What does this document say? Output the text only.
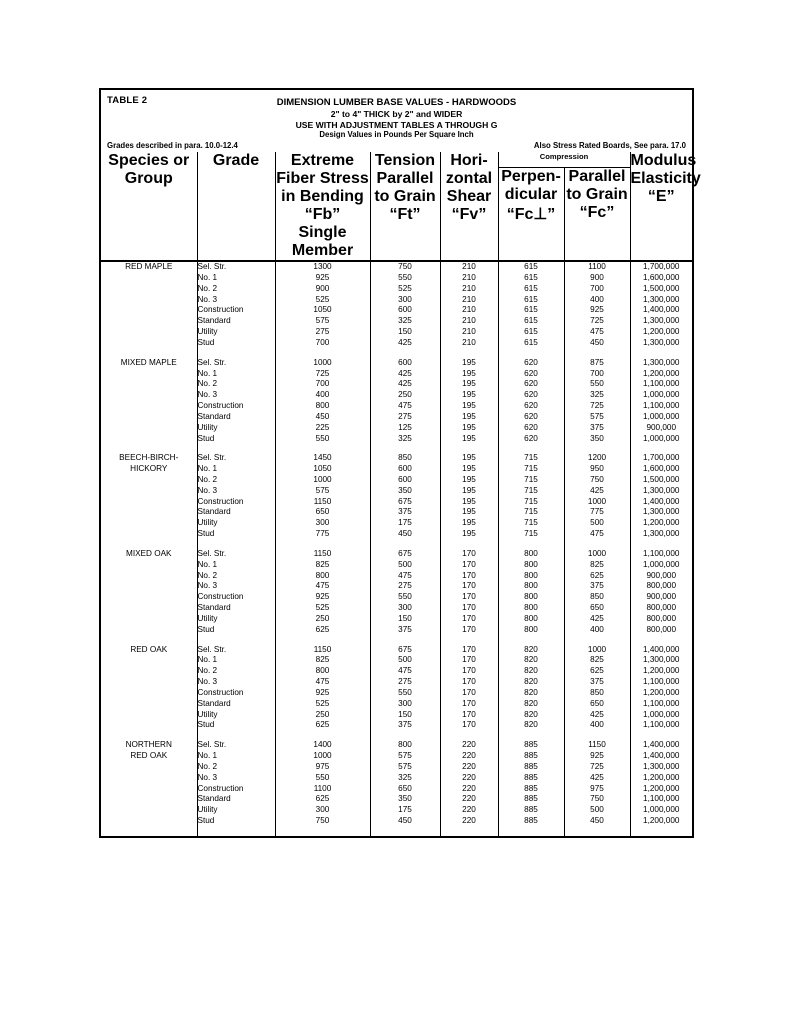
TABLE 2	DIMENSION LUMBER BASE VALUES - HARDWOODS
2" to 4" THICK by 2" and WIDER
USE WITH ADJUSTMENT TABLES A THROUGH G
Design Values in Pounds Per Square Inch
Grades described in para. 10.0-12.4	Also Stress Rated Boards, See para. 17.0
Species or
Group
	Grade	Extreme
Fiber Stress
in Bending “Fb”
Single Member

Tension
Parallel
to Grain
“Ft”

Hori-
zontal
Shear
“Fv”
	Compression	Modulus
Elasticity
“E”

Perpen-
dicular
“Fc⊥”

Parallel
to Grain
“Fc”

RED MAPLE	Sel. Str.	1300	750	210	615	1100	1,700,000
	No. 1	925	550	210	615	900	1,600,000
	No. 2	900	525	210	615	700	1,500,000
	No. 3	525	300	210	615	400	1,300,000
	Construction	1050	600	210	615	925	1,400,000
	Standard	575	325	210	615	725	1,300,000
	Utility	275	150	210	615	475	1,200,000
	Stud	700	425	210	615	450	1,300,000

MIXED MAPLE	Sel. Str.	1000	600	195	620	875	1,300,000
	No. 1	725	425	195	620	700	1,200,000
	No. 2	700	425	195	620	550	1,100,000
	No. 3	400	250	195	620	325	1,000,000
	Construction	800	475	195	620	725	1,100,000
	Standard	450	275	195	620	575	1,000,000
	Utility	225	125	195	620	375	900,000
	Stud	550	325	195	620	350	1,000,000

BEECH-BIRCH-
HICKORY	Sel. Str.	1450	850	195	715	1200	1,700,000
	No. 1	1050	600	195	715	950	1,600,000
	No. 2	1000	600	195	715	750	1,500,000
	No. 3	575	350	195	715	425	1,300,000
	Construction	1150	675	195	715	1000	1,400,000
	Standard	650	375	195	715	775	1,300,000
	Utility	300	175	195	715	500	1,200,000
	Stud	775	450	195	715	475	1,300,000

MIXED OAK	Sel. Str.	1150	675	170	800	1000	1,100,000
	No. 1	825	500	170	800	825	1,000,000
	No. 2	800	475	170	800	625	900,000
	No. 3	475	275	170	800	375	800,000
	Construction	925	550	170	800	850	900,000
	Standard	525	300	170	800	650	800,000
	Utility	250	150	170	800	425	800,000
	Stud	625	375	170	800	400	800,000

RED OAK	Sel. Str.	1150	675	170	820	1000	1,400,000
	No. 1	825	500	170	820	825	1,300,000
	No. 2	800	475	170	820	625	1,200,000
	No. 3	475	275	170	820	375	1,100,000
	Construction	925	550	170	820	850	1,200,000
	Standard	525	300	170	820	650	1,100,000
	Utility	250	150	170	820	425	1,000,000
	Stud	625	375	170	820	400	1,100,000

NORTHERN
RED OAK	Sel. Str.	1400	800	220	885	1150	1,400,000
	No. 1	1000	575	220	885	925	1,400,000
	No. 2	975	575	220	885	725	1,300,000
	No. 3	550	325	220	885	425	1,200,000
	Construction	1100	650	220	885	975	1,200,000
	Standard	625	350	220	885	750	1,100,000
	Utility	300	175	220	885	500	1,000,000
	Stud	750	450	220	885	450	1,200,000
